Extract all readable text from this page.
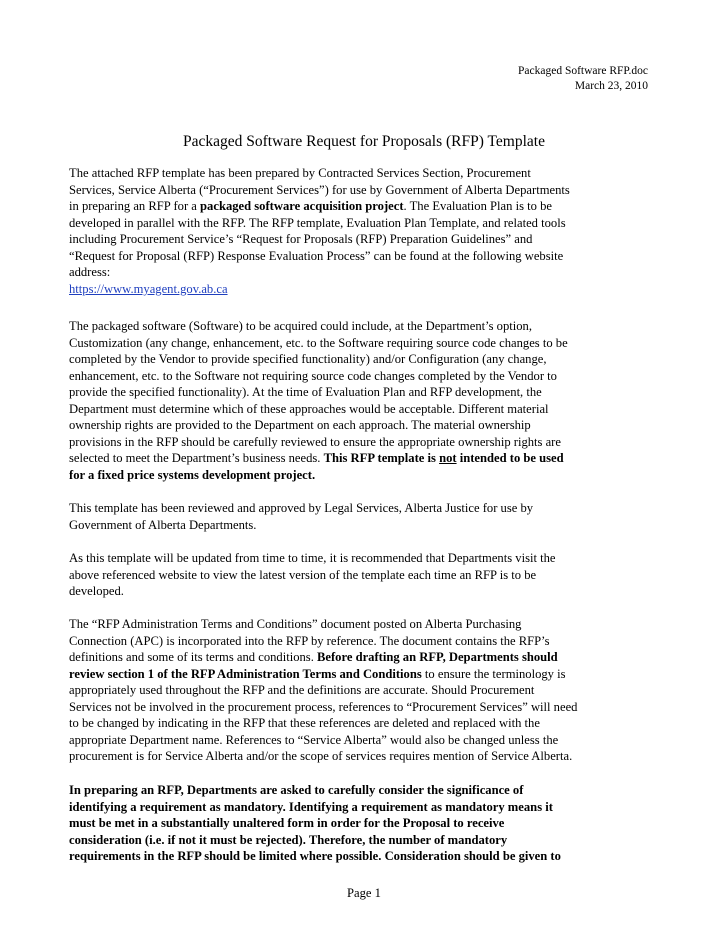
Packaged Software RFP.doc
March 23, 2010
Packaged Software Request for Proposals (RFP) Template

The attached RFP template has been prepared by Contracted Services Section, Procurement

Services, Service Alberta (“Procurement Services”) for use by Government of Alberta Departments

in preparing an RFP for a packaged software acquisition project. The Evaluation Plan is to be

developed in parallel with the RFP. The RFP template, Evaluation Plan Template, and related tools

including Procurement Service’s “Request for Proposals (RFP) Preparation Guidelines” and

“Request for Proposal (RFP) Response Evaluation Process” can be found at the following website

address:

https://www.myagent.gov.ab.ca

The packaged software (Software) to be acquired could include, at the Department’s option,

Customization (any change, enhancement, etc. to the Software requiring source code changes to be

completed by the Vendor to provide specified functionality) and/or Configuration (any change,

enhancement, etc. to the Software not requiring source code changes completed by the Vendor to

provide the specified functionality). At the time of Evaluation Plan and RFP development, the

Department must determine which of these approaches would be acceptable. Different material

ownership rights are provided to the Department on each approach. The material ownership

provisions in the RFP should be carefully reviewed to ensure the appropriate ownership rights are

selected to meet the Department’s business needs. This RFP template is not intended to be used

for a fixed price systems development project.

This template has been reviewed and approved by Legal Services, Alberta Justice for use by

Government of Alberta Departments.

As this template will be updated from time to time, it is recommended that Departments visit the

above referenced website to view the latest version of the template each time an RFP is to be

developed.

The “RFP Administration Terms and Conditions” document posted on Alberta Purchasing

Connection (APC) is incorporated into the RFP by reference. The document contains the RFP’s

definitions and some of its terms and conditions. Before drafting an RFP, Departments should

review section 1 of the RFP Administration Terms and Conditions to ensure the terminology is

appropriately used throughout the RFP and the definitions are accurate. Should Procurement

Services not be involved in the procurement process, references to “Procurement Services” will need

to be changed by indicating in the RFP that these references are deleted and replaced with the

appropriate Department name. References to “Service Alberta” would also be changed unless the

procurement is for Service Alberta and/or the scope of services requires mention of Service Alberta.

In preparing an RFP, Departments are asked to carefully consider the significance of

identifying a requirement as mandatory. Identifying a requirement as mandatory means it

must be met in a substantially unaltered form in order for the Proposal to receive

consideration (i.e. if not it must be rejected). Therefore, the number of mandatory

requirements in the RFP should be limited where possible. Consideration should be given to

Page 1
